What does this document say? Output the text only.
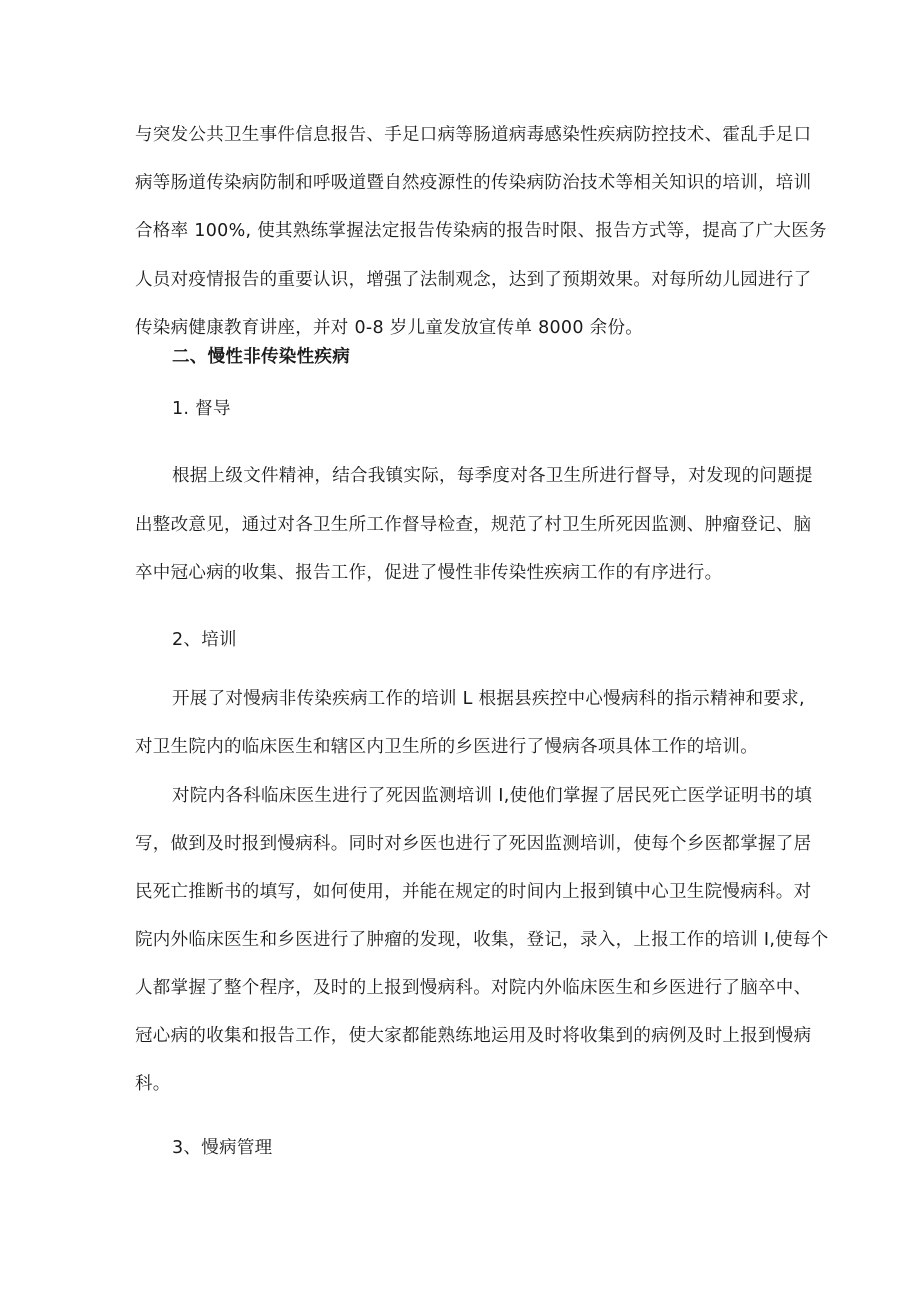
与突发公共卫生事件信息报告、手足口病等肠道病毒感染性疾病防控技术、霍乱手足口
病等肠道传染病防制和呼吸道暨自然疫源性的传染病防治技术等相关知识的培训，培训
合格率 100%, 使其熟练掌握法定报告传染病的报告时限、报告方式等，提高了广大医务
人员对疫情报告的重要认识，增强了法制观念，达到了预期效果。对每所幼儿园进行了
传染病健康教育讲座，并对 0-8 岁儿童发放宣传单 8000 余份。
二、慢性非传染性疾病
1. 督导
根据上级文件精神，结合我镇实际，每季度对各卫生所进行督导，对发现的问题提
出整改意见，通过对各卫生所工作督导检查，规范了村卫生所死因监测、肿瘤登记、脑
卒中冠心病的收集、报告工作，促进了慢性非传染性疾病工作的有序进行。
2、培训
开展了对慢病非传染疾病工作的培训 L 根据县疾控中心慢病科的指示精神和要求,
对卫生院内的临床医生和辖区内卫生所的乡医进行了慢病各项具体工作的培训。
对院内各科临床医生进行了死因监测培训 I,使他们掌握了居民死亡医学证明书的填
写，做到及时报到慢病科。同时对乡医也进行了死因监测培训，使每个乡医都掌握了居
民死亡推断书的填写，如何使用，并能在规定的时间内上报到镇中心卫生院慢病科。对
院内外临床医生和乡医进行了肿瘤的发现，收集，登记，录入，上报工作的培训 I,使每个
人都掌握了整个程序，及时的上报到慢病科。对院内外临床医生和乡医进行了脑卒中、
冠心病的收集和报告工作，使大家都能熟练地运用及时将收集到的病例及时上报到慢病
科。
3、慢病管理
